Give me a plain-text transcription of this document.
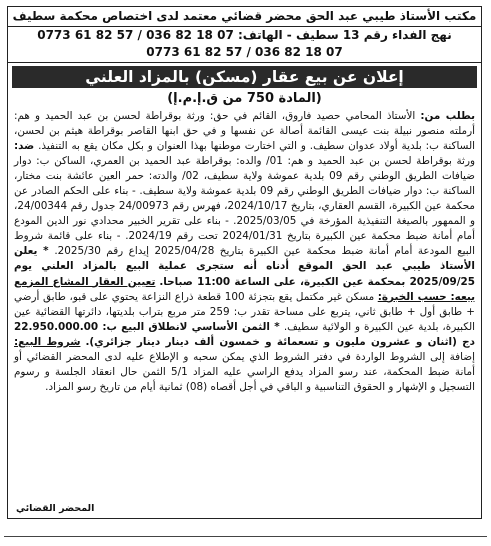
مكتب الأستاذ طيبي عبد الحق محضر قضائي معتمد لدى اختصاص محكمة سطيف
نهج الفداء رقم 13 سطيف - الهاتف: 07 18 82 036 / 57 82 61 0773
0773 61 82 57 / 036 82 18 07
إعلان عن بيع عقار (مسكن) بالمزاد العلني
(المادة 750 من ق.إ.م.إ)
بطلب من: الأستاذ المحامي حصيد فاروق، القائم في حق: ورثة بوقراطة لحسن بن عبد الحميد و هم: أرملته منصور نبيلة بنت عيسى القائمة أصالة عن نفسها و في حق ابنها القاصر بوقراطة هيثم بن لحسن، الساكنة ب: بلدية أولاد عدوان سطيف. و التي اختارت موطنها بهذا العنوان و بكل مكان يقع به التنفيذ. ضد: ورثة بوقراطة لحسن بن عبد الحميد و هم: 01/ والده: بوقراطة عبد الحميد بن العمري، الساكن ب: دوار ضيافات الطريق الوطني رقم 09 بلدية عموشة ولاية سطيف، 02/ والدته: حمر العين عائشة بنت مختار، الساكنة ب: دوار ضيافات الطريق الوطني رقم 09 بلدية عموشة ولاية سطيف. - بناء على الحكم الصادر عن محكمة عين الكبيرة، القسم العقاري، بتاريخ 2024/10/17، فهرس رقم 24/00973 جدول رقم 24/00344، و الممهور بالصيغة التنفيذية المؤرخة في 2025/03/05. - بناء على تقرير الخبير محدادي نور الدين المودع أمام أمانة ضبط محكمة عين الكبيرة بتاريخ 2024/01/31 تحت رقم 2024/19. - بناء على قائمة شروط البيع المودعة أمام أمانة ضبط محكمة عين الكبيرة بتاريخ 2025/04/28 إيداع رقم 2025/30. * يعلن الأستاذ طيبي عبد الحق الموقع أدناه أنه ستجرى عملية البيع بالمزاد العلني يوم 2025/09/25 بمحكمة عين الكبيرة، على الساعة 11:00 صباحا. تعيين العقار المشاع المزمع بيعه: حسب الخبرة: مسكن غير مكتمل يقع بتجزئة 100 قطعة ذراع النزاعة يحتوي على قبو، طابق أرضي + طابق أول + طابق ثاني، يتربع على مساحة تقدر ب: 259 متر مربع بتراب بلديتها، دائرتها القضائية عين الكبيرة، بلدية عين الكبيرة و الولائية سطيف. * الثمن الأساسي لانطلاق البيع ب: 22.950.000.00 دج (اثنان و عشرون مليون و تسعمائة و خمسون ألف دينار دينار جزائري). شروط البيع: إضافة إلى الشروط الواردة في دفتر الشروط الذي يمكن سحبه و الإطلاع عليه لدى المحضر القضائي أو أمانة ضبط المحكمة، عند رسو المزاد يدفع الراسي عليه المزاد 5/1 الثمن حال انعقاد الجلسة و رسوم التسجيل و الإشهار و الحقوق التناسبية و الباقي في أجل أقصاه (08) ثمانية أيام من تاريخ رسو المزاد.
المحضر القضائي
